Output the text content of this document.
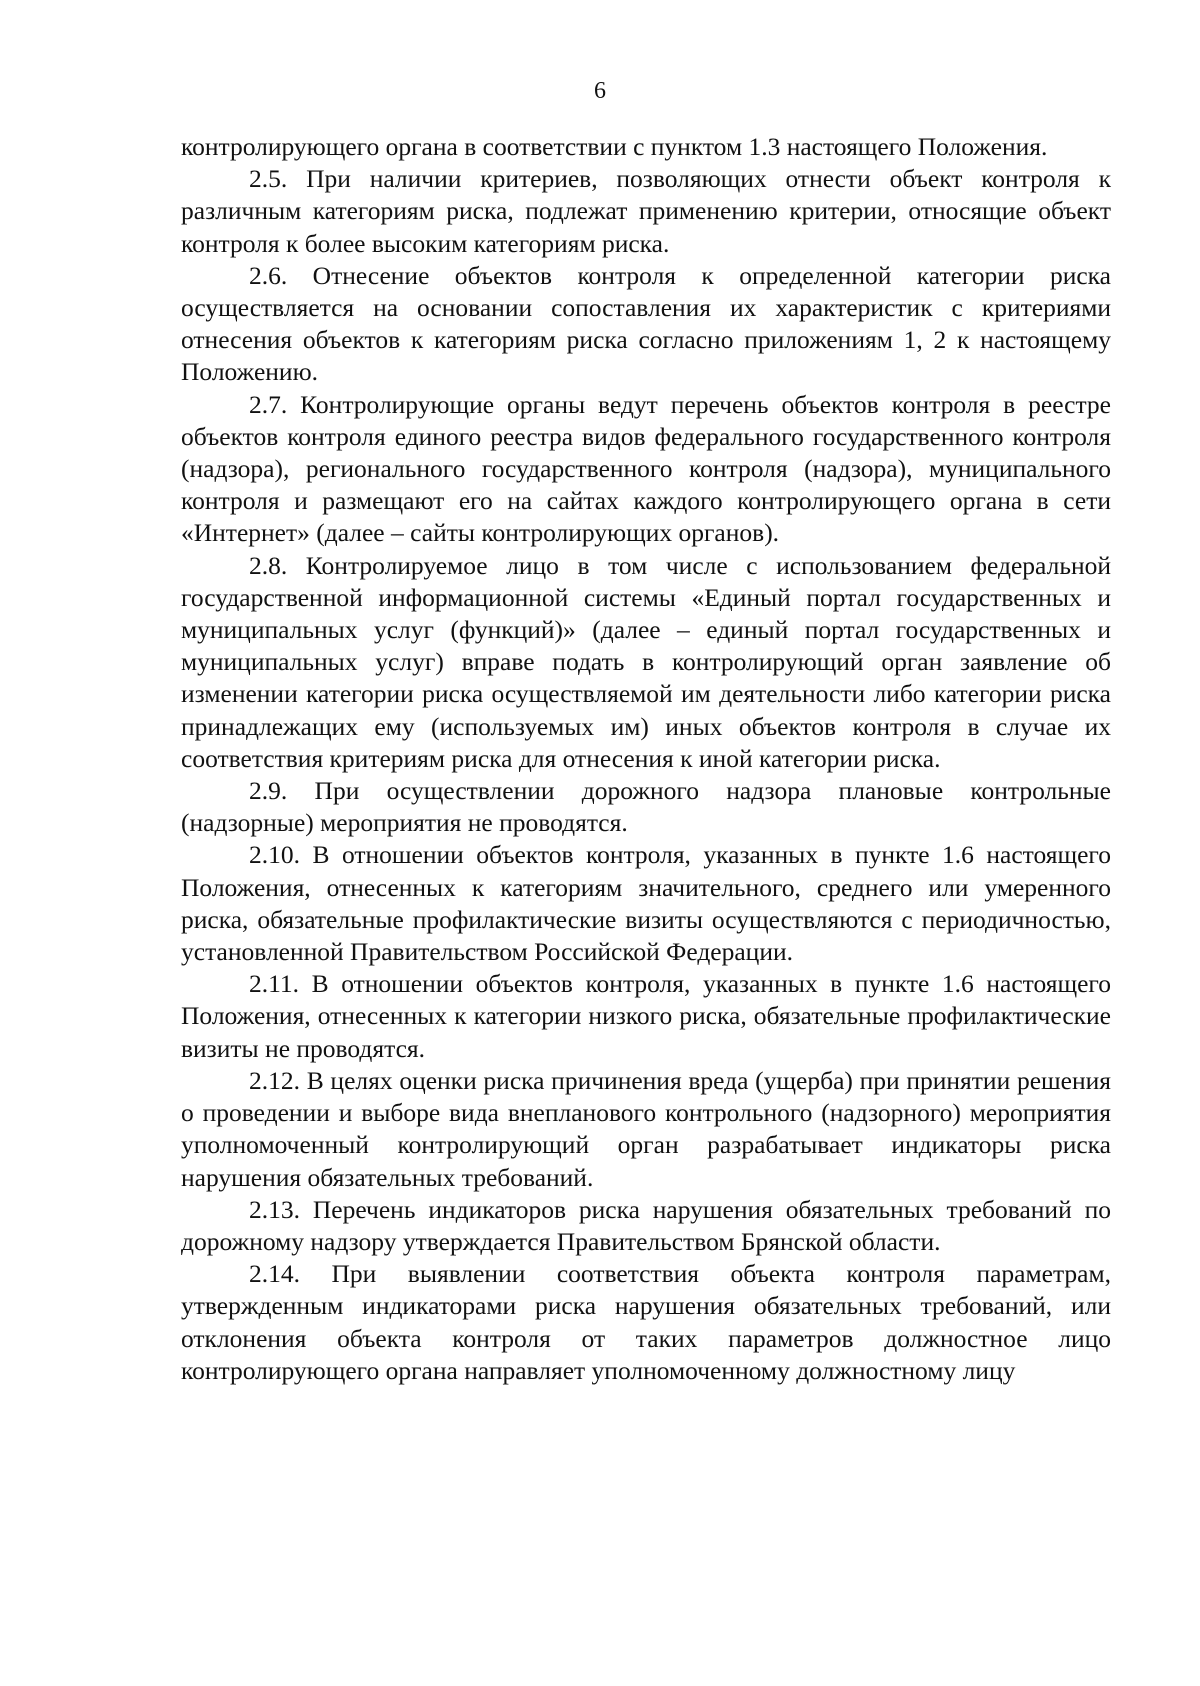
6

контролирующего органа в соответствии с пунктом 1.3 настоящего Положения.

2.5. При наличии критериев, позволяющих отнести объект контроля к различным категориям риска, подлежат применению критерии, относящие объект контроля к более высоким категориям риска.

2.6. Отнесение объектов контроля к определенной категории риска осуществляется на основании сопоставления их характеристик с критериями отнесения объектов к категориям риска согласно приложениям 1, 2 к настоящему Положению.

2.7. Контролирующие органы ведут перечень объектов контроля в реестре объектов контроля единого реестра видов федерального государственного контроля (надзора), регионального государственного контроля (надзора), муниципального контроля и размещают его на сайтах каждого контролирующего органа в сети «Интернет» (далее – сайты контролирующих органов).

2.8. Контролируемое лицо в том числе с использованием федеральной государственной информационной системы «Единый портал государственных и муниципальных услуг (функций)» (далее – единый портал государственных и муниципальных услуг) вправе подать в контролирующий орган заявление об изменении категории риска осуществляемой им деятельности либо категории риска принадлежащих ему (используемых им) иных объектов контроля в случае их соответствия критериям риска для отнесения к иной категории риска.

2.9. При осуществлении дорожного надзора плановые контрольные (надзорные) мероприятия не проводятся.

2.10. В отношении объектов контроля, указанных в пункте 1.6 настоящего Положения, отнесенных к категориям значительного, среднего или умеренного риска, обязательные профилактические визиты осуществляются с периодичностью, установленной Правительством Российской Федерации.

2.11. В отношении объектов контроля, указанных в пункте 1.6 настоящего Положения, отнесенных к категории низкого риска, обязательные профилактические визиты не проводятся.

2.12. В целях оценки риска причинения вреда (ущерба) при принятии решения о проведении и выборе вида внепланового контрольного (надзорного) мероприятия уполномоченный контролирующий орган разрабатывает индикаторы риска нарушения обязательных требований.

2.13. Перечень индикаторов риска нарушения обязательных требований по дорожному надзору утверждается Правительством Брянской области.

2.14. При выявлении соответствия объекта контроля параметрам, утвержденным индикаторами риска нарушения обязательных требований, или отклонения объекта контроля от таких параметров должностное лицо контролирующего органа направляет уполномоченному должностному лицу
